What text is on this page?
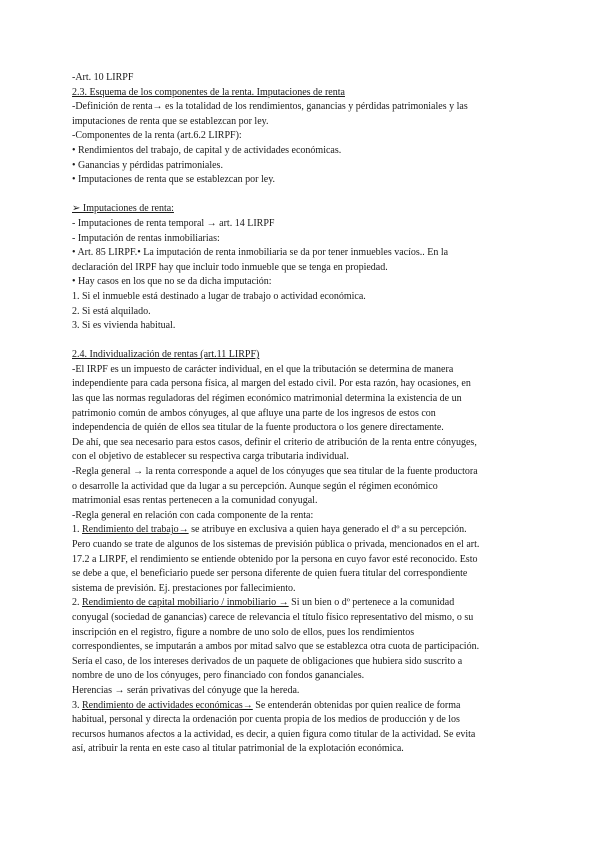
-Art. 10 LIRPF
2.3. Esquema de los componentes de la renta. Imputaciones de renta
-Definición de renta→ es la totalidad de los rendimientos, ganancias y pérdidas patrimoniales y las
imputaciones de renta que se establezcan por ley.
-Componentes de la renta (art.6.2 LIRPF):
• Rendimientos del trabajo, de capital y de actividades económicas.
• Ganancias y pérdidas patrimoniales.
• Imputaciones de renta que se establezcan por ley.
➢ Imputaciones de renta:
- Imputaciones de renta temporal → art. 14 LIRPF
- Imputación de rentas inmobiliarias:
• Art. 85 LIRPF.• La imputación de renta inmobiliaria se da por tener inmuebles vacíos.. En la
declaración del IRPF hay que incluir todo inmueble que se tenga en propiedad.
• Hay casos en los que no se da dicha imputación:
1. Si el inmueble está destinado a lugar de trabajo o actividad económica.
2. Si está alquilado.
3. Si es vivienda habitual.
2.4. Individualización de rentas (art.11 LIRPF)
-El IRPF es un impuesto de carácter individual, en el que la tributación se determina de manera
independiente para cada persona física, al margen del estado civil. Por esta razón, hay ocasiones, en
las que las normas reguladoras del régimen económico matrimonial determina la existencia de un
patrimonio común de ambos cónyuges, al que afluye una parte de los ingresos de estos con
independencia de quién de ellos sea titular de la fuente productora o los genere directamente.
De ahí, que sea necesario para estos casos, definir el criterio de atribución de la renta entre cónyuges,
con el objetivo de establecer su respectiva carga tributaria individual.
-Regla general → la renta corresponde a aquel de los cónyuges que sea titular de la fuente productora
o desarrolle la actividad que da lugar a su percepción. Aunque según el régimen económico
matrimonial esas rentas pertenecen a la comunidad conyugal.
-Regla general en relación con cada componente de la renta:
1. Rendimiento del trabajo→ se atribuye en exclusiva a quien haya generado el dº a su percepción.
Pero cuando se trate de algunos de los sistemas de previsión pública o privada, mencionados en el art.
17.2 a LIRPF, el rendimiento se entiende obtenido por la persona en cuyo favor esté reconocido. Esto
se debe a que, el beneficiario puede ser persona diferente de quien fuera titular del correspondiente
sistema de previsión. Ej. prestaciones por fallecimiento.
2. Rendimiento de capital mobiliario / inmobiliario → Si un bien o dº pertenece a la comunidad
conyugal (sociedad de ganancias) carece de relevancia el título físico representativo del mismo, o su
inscripción en el registro, figure a nombre de uno solo de ellos, pues los rendimientos
correspondientes, se imputarán a ambos por mitad salvo que se establezca otra cuota de participación.
Sería el caso, de los intereses derivados de un paquete de obligaciones que hubiera sido suscrito a
nombre de uno de los cónyuges, pero financiado con fondos gananciales.
Herencias → serán privativas del cónyuge que la hereda.
3. Rendimiento de actividades económicas→ Se entenderán obtenidas por quien realice de forma
habitual, personal y directa la ordenación por cuenta propia de los medios de producción y de los
recursos humanos afectos a la actividad, es decir, a quien figura como titular de la actividad. Se evita
así, atribuir la renta en este caso al titular patrimonial de la explotación económica.
